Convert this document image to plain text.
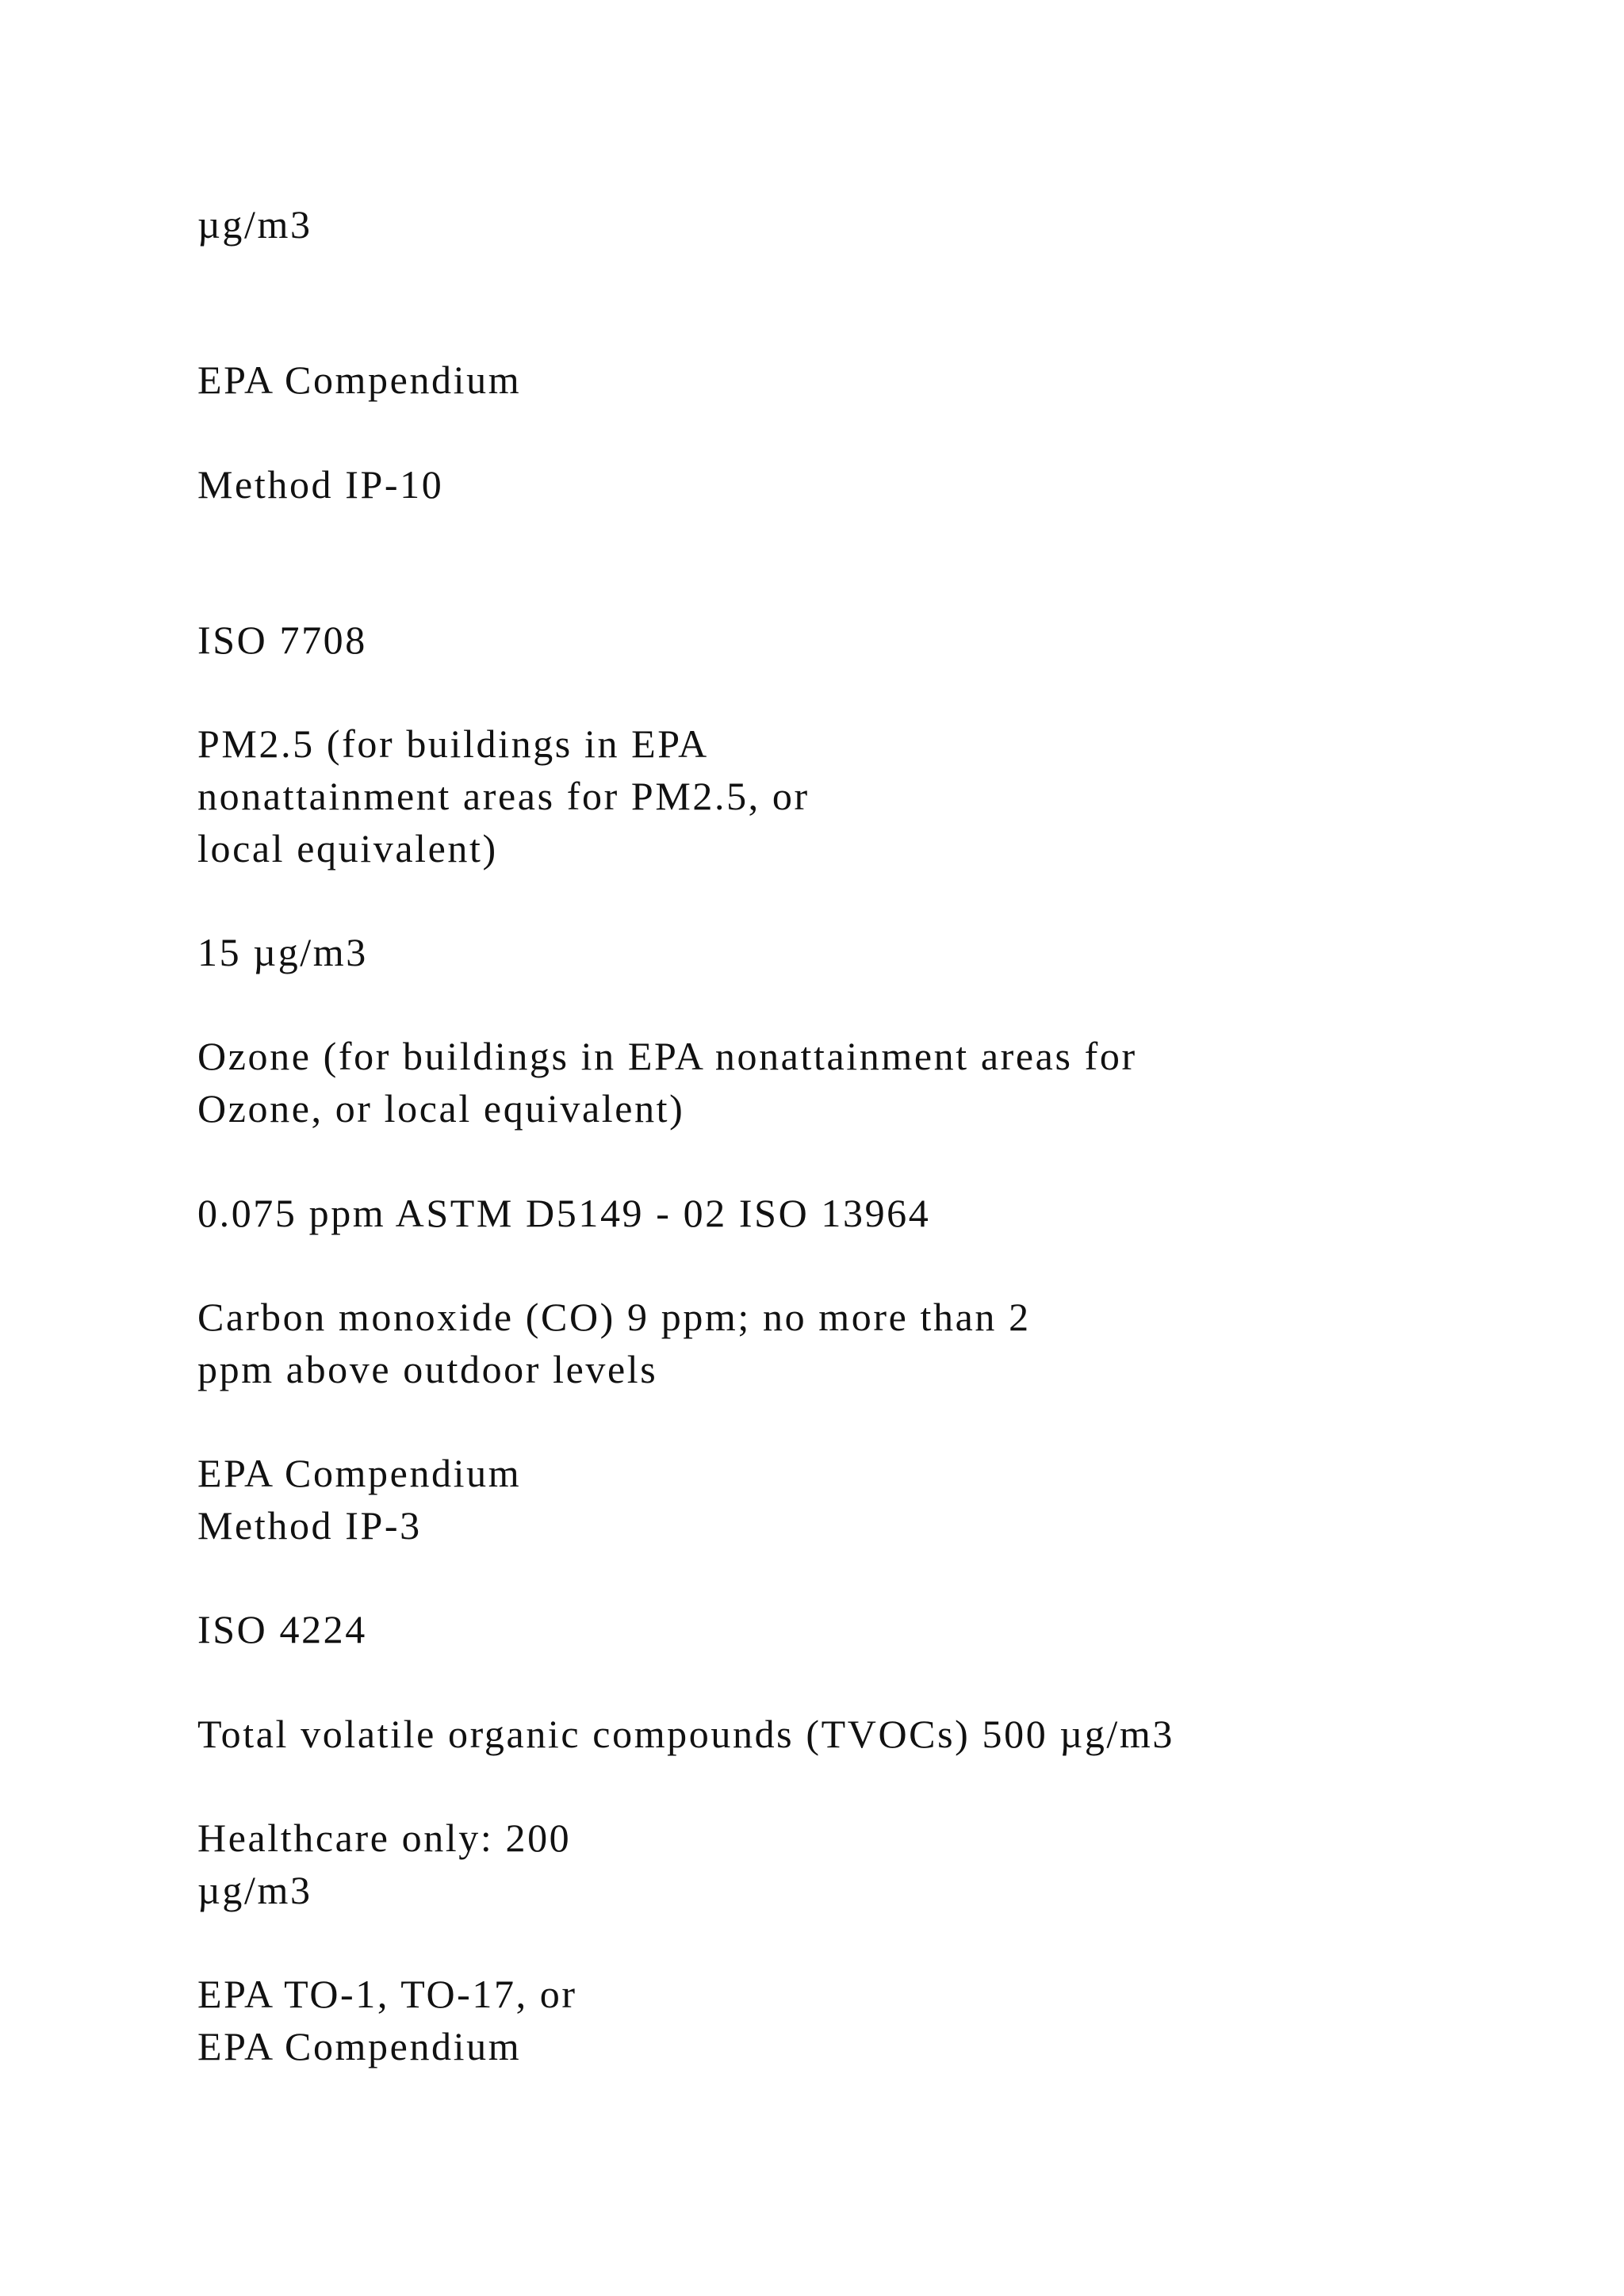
µg/m3

EPA Compendium

Method IP-10

ISO 7708

PM2.5 (for buildings in EPA

nonattainment areas for PM2.5, or

local equivalent)

15 µg/m3

Ozone (for buildings in EPA nonattainment areas for

Ozone, or local equivalent)

0.075 ppm ASTM D5149 - 02 ISO 13964

Carbon monoxide (CO) 9 ppm; no more than 2

ppm above outdoor levels

EPA Compendium

Method IP-3

ISO 4224

Total volatile organic compounds (TVOCs) 500 µg/m3

Healthcare only: 200

µg/m3

EPA TO-1, TO-17, or

EPA Compendium
